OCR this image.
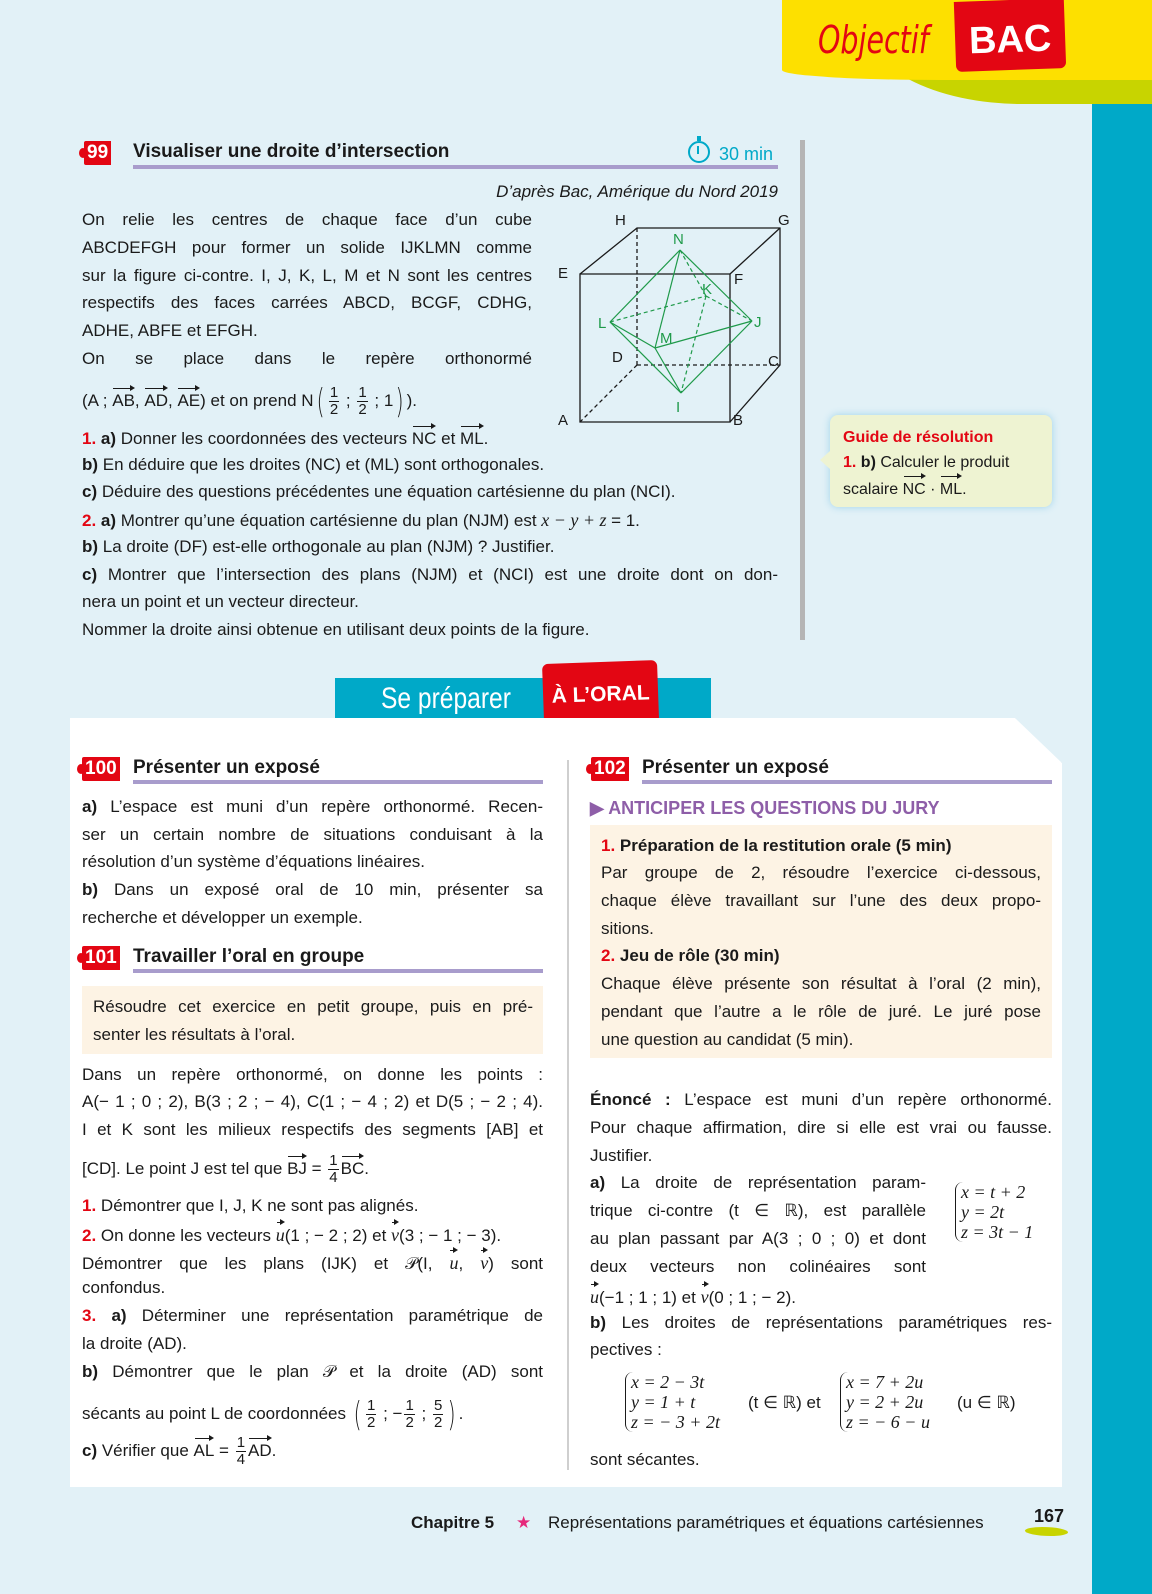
Objectif	BAC
99 Visualiser une droite d’intersection	30 min
D’après Bac, Amérique du Nord 2019
On relie les centres de chaque face d’un cube
ABCDEFGH pour former un solide IJKLMN comme
sur la figure ci-contre. I, J, K, L, M et N sont les centres
respectifs des faces carrées ABCD, BCGF, CDHG,
ADHE, ABFE et EFGH.
On se place dans le repère orthonormé
(A ; AB, AD, AE) et on prend $N( \frac{1}{2}$ ; $\frac{1}{2}$ ; 1) ).
1. a) Donner les coordonnées des vecteurs NC et ML.
b) En déduire que les droites (NC) et (ML) sont orthogonales.
c) Déduire des questions précédentes une équation cartésienne du plan (NCI).
2. a) Montrer qu’une équation cartésienne du plan (NJM) est x − y + z = 1.
b) La droite (DF) est-elle orthogonale au plan (NJM) ? Justifier.
c) Montrer que l’intersection des plans (NJM) et (NCI) est une droite dont on don-
nera un point et un vecteur directeur.
Nommer la droite ainsi obtenue en utilisant deux points de la figure.
A	B
C
D
E	F
G
H
I
J
K
L
M
N
Guide de résolution
1. b) Calculer le produit
scalaire NC · ML.
Se préparer	À L’ORAL
100 Présenter un exposé
a) L’espace est muni d’un repère orthonormé. Recen-
ser un certain nombre de situations conduisant à la
résolution d’un système d’équations linéaires.
b) Dans un exposé oral de 10 min, présenter sa
recherche et développer un exemple.
101 Travailler l’oral en groupe
Résoudre cet exercice en petit groupe, puis en pré-
senter les résultats à l’oral.
Dans un repère orthonormé, on donne les points :
A(− 1 ; 0 ; 2), B(3 ; 2 ; − 4), C(1 ; − 4 ; 2) et D(5 ; − 2 ; 4).
I et K sont les milieux respectifs des segments [AB] et
[CD]. Le point J est tel que BJ = $\frac{1}{4}$ BC.
1. Démontrer que I, J, K ne sont pas alignés.
2. On donne les vecteurs u(1 ; − 2 ; 2) et v(3 ; − 1 ; − 3).
Démontrer que les plans (IJK) et 𝒫(I, u, v) sont
confondus.
3. a) Déterminer une représentation paramétrique de
la droite (AD).
b) Démontrer que le plan 𝒫 et la droite (AD) sont
sécants au point L de coordonnées ( $\frac{1}{2}$ ; − $\frac{1}{2}$ ; $\frac{5}{2}$ ) .
c) Vérifier que AL = $\frac{1}{4}$ AD.
102 Présenter un exposé
▶ ANTICIPER LES QUESTIONS DU JURY
1. Préparation de la restitution orale (5 min)
Par groupe de 2, résoudre l’exercice ci-dessous,
chaque élève travaillant sur l’une des deux propo-
sitions.
2. Jeu de rôle (30 min)
Chaque élève présente son résultat à l’oral (2 min),
pendant que l’autre a le rôle de juré. Le juré pose
une question au candidat (5 min).
Énoncé : L’espace est muni d’un repère orthonormé.
Pour chaque affirmation, dire si elle est vrai ou fausse.
Justifier.
a) La droite de représentation param-
trique ci-contre (t ∈ ℝ), est parallèle
au plan passant par A(3 ; 0 ; 0) et dont
deux vecteurs non colinéaires sont
u(−1 ; 1 ; 1) et v(0 ; 1 ; − 2).
x = t + 2
y = 2t
z = 3t − 1
b) Les droites de représentations paramétriques res-
pectives :
x = 2 − 3t
y = 1 + t
z = − 3 + 2t
(t ∈ ℝ) et
x = 7 + 2u
y = 2 + 2u
z = − 6 − u
(u ∈ ℝ)
sont sécantes.
Chapitre 5 ★ Représentations paramétriques et équations cartésiennes	167
